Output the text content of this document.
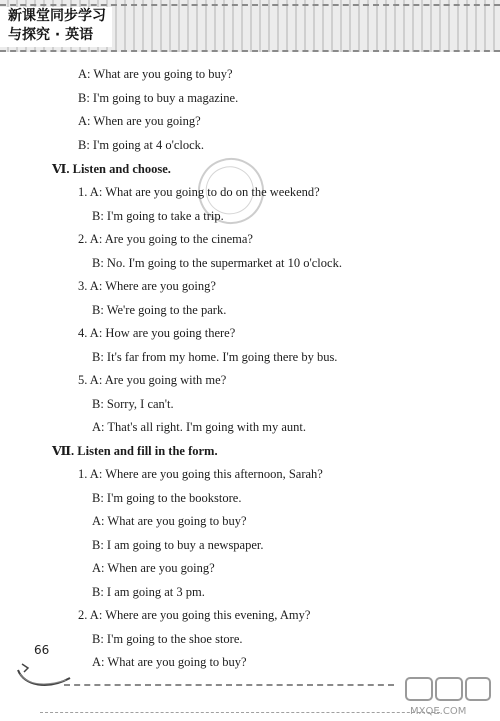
新课堂同步学习
与探究 · 英语
A: What are you going to buy?
B: I'm going to buy a magazine.
A: When are you going?
B: I'm going at 4 o'clock.
Ⅵ. Listen and choose.
1. A: What are you going to do on the weekend?
B: I'm going to take a trip.
2. A: Are you going to the cinema?
B: No. I'm going to the supermarket at 10 o'clock.
3. A: Where are you going?
B: We're going to the park.
4. A: How are you going there?
B: It's far from my home. I'm going there by bus.
5. A: Are you going with me?
B: Sorry, I can't.
A: That's all right. I'm going with my aunt.
Ⅶ. Listen and fill in the form.
1. A: Where are you going this afternoon, Sarah?
B: I'm going to the bookstore.
A: What are you going to buy?
B: I am going to buy a newspaper.
A: When are you going?
B: I am going at 3 pm.
2. A: Where are you going this evening, Amy?
B: I'm going to the shoe store.
A: What are you going to buy?
66
MXQE.COM
